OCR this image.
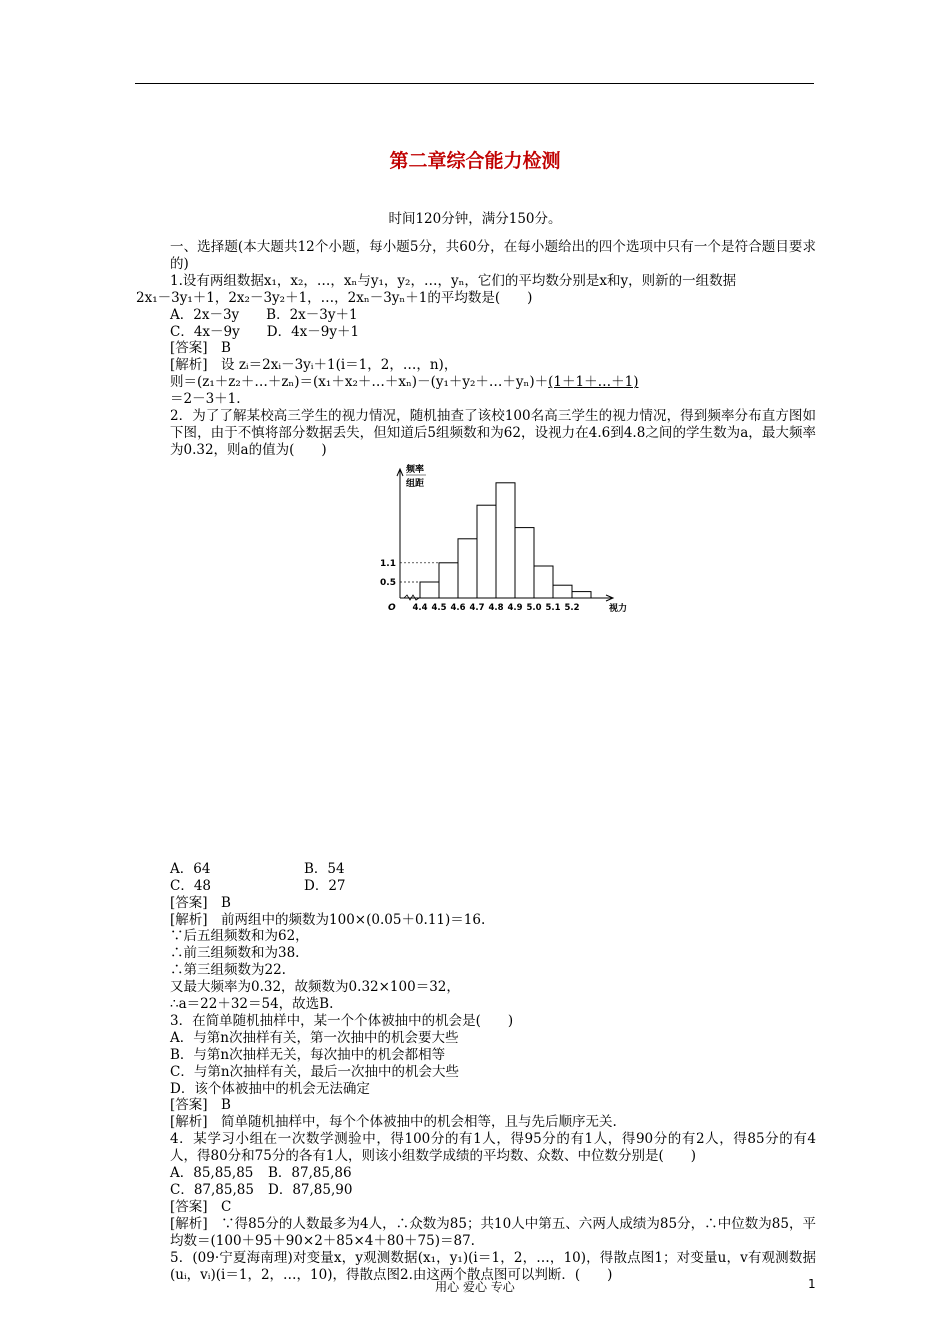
第二章综合能力检测
时间120分钟，满分150分。

一、选择题(本大题共12个小题，每小题5分，共60分，在每小题给出的四个选项中只有一个是符合题目要求的)

1.设有两组数据x₁，x₂，…，xₙ与y₁，y₂，…，yₙ，它们的平均数分别是x和y，则新的一组数据

2x₁－3y₁＋1，2x₂－3y₂＋1，…，2xₙ－3yₙ＋1的平均数是(　　)

A．2x－3y　　B．2x－3y＋1

C．4x－9y　　D．4x－9y＋1

[答案]　B

[解析]　设 zᵢ＝2xᵢ－3yᵢ＋1(i＝1，2，…，n)，

则＝(z₁＋z₂＋…＋zₙ)＝(x₁＋x₂＋…＋xₙ)－(y₁＋y₂＋…＋yₙ)＋(1＋1＋…＋1)　　

＝2－3＋1.

2．为了了解某校高三学生的视力情况，随机抽查了该校100名高三学生的视力情况，得到频率分布直方图如下图，由于不慎将部分数据丢失，但知道后5组频数和为62，设视力在4.6到4.8之间的学生数为a，最大频率为0.32，则a的值为(　　)

频率
组距
O 4.4 4.5 4.6 4.7 4.8 4.9 5.0 5.1 5.2	视力
0.5
1.1

A．64	B．54

C．48	D．27

[答案]　B

[解析]　前两组中的频数为100×(0.05＋0.11)＝16.

∵后五组频数和为62，

∴前三组频数和为38.

∴第三组频数为22.

又最大频率为0.32，故频数为0.32×100＝32，

∴a＝22＋32＝54，故选B.

3．在简单随机抽样中，某一个个体被抽中的机会是(　　)

A．与第n次抽样有关，第一次抽中的机会要大些

B．与第n次抽样无关，每次抽中的机会都相等

C．与第n次抽样有关，最后一次抽中的机会大些

D．该个体被抽中的机会无法确定

[答案]　B

[解析]　简单随机抽样中，每个个体被抽中的机会相等，且与先后顺序无关.

4．某学习小组在一次数学测验中，得100分的有1人，得95分的有1人，得90分的有2人，得85分的有4人，得80分和75分的各有1人，则该小组数学成绩的平均数、众数、中位数分别是(　　)

A．85,85,85 B．87,85,86

C．87,85,85 D．87,85,90

[答案]　C

[解析]　∵得85分的人数最多为4人，∴众数为85；共10人中第五、六两人成绩为85分，∴中位数为85，平均数＝(100＋95＋90×2＋85×4＋80＋75)＝87.

5．(09·宁夏海南理)对变量x，y观测数据(x₁，y₁)(i＝1，2，…，10)，得散点图1；对变量u，v有观测数据(uᵢ，vᵢ)(i＝1，2，…，10)，得散点图2.由这两个散点图可以判断．(　　)

用心 爱心 专心	1
